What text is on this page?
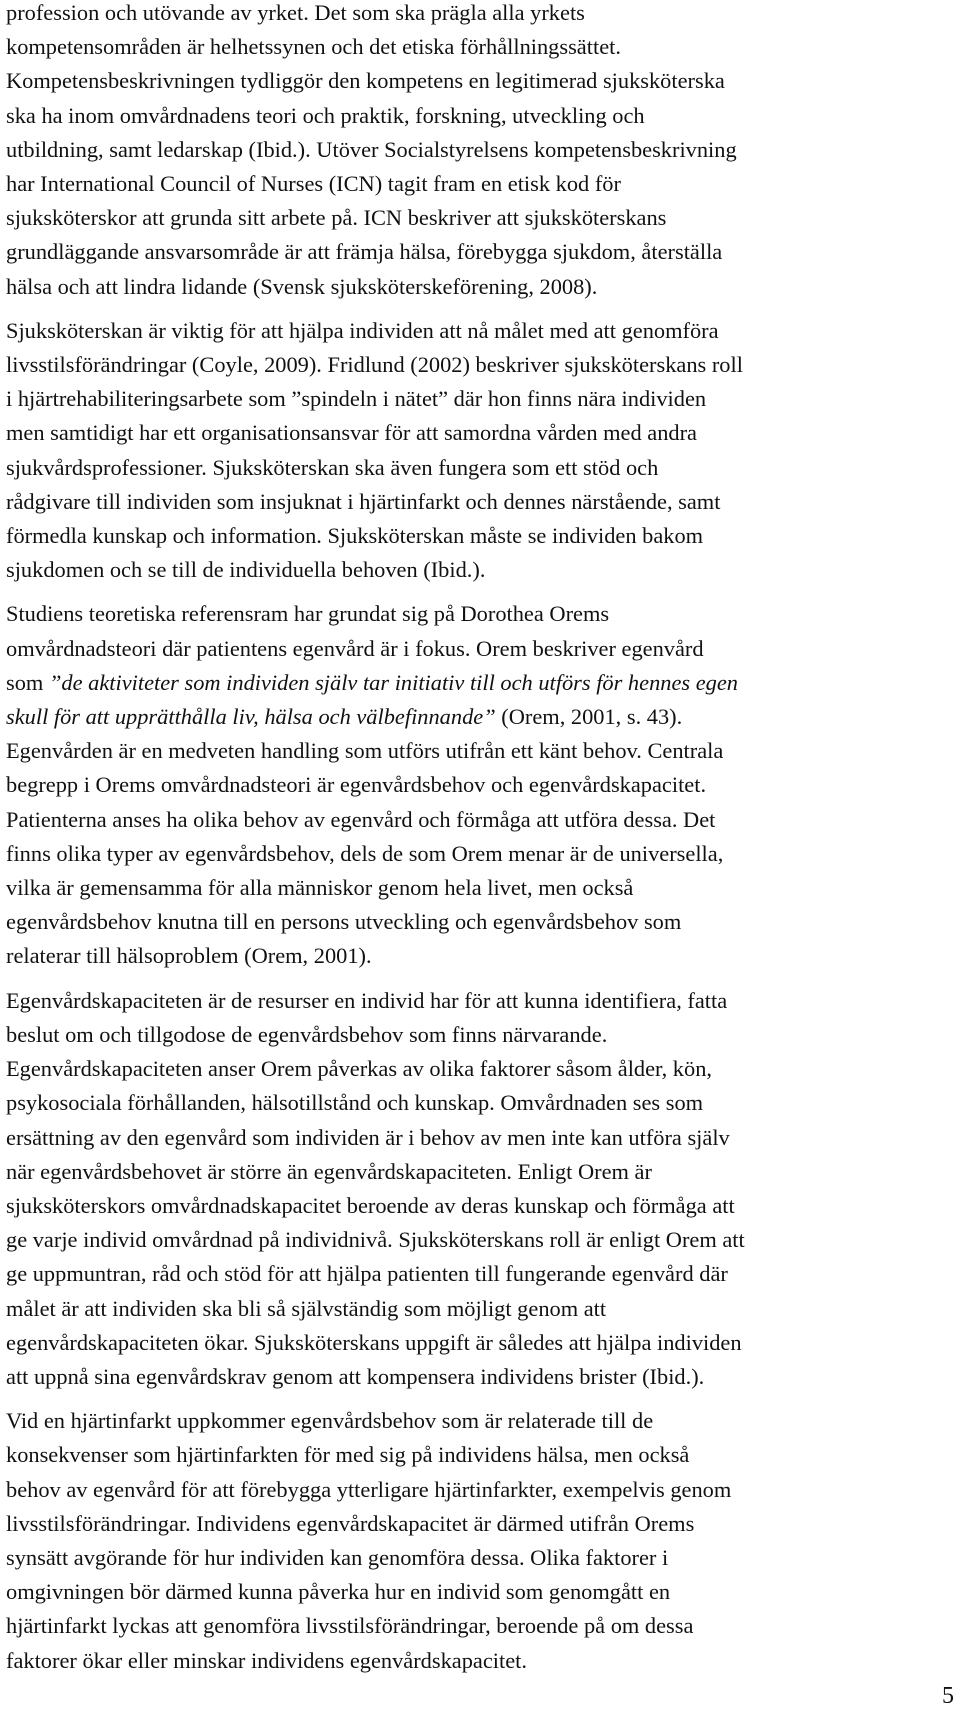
profession och utövande av yrket. Det som ska prägla alla yrkets
kompetensområden är helhetssynen och det etiska förhållningssättet.
Kompetensbeskrivningen tydliggör den kompetens en legitimerad sjuksköterska
ska ha inom omvårdnadens teori och praktik, forskning, utveckling och
utbildning, samt ledarskap (Ibid.). Utöver Socialstyrelsens kompetensbeskrivning
har International Council of Nurses (ICN) tagit fram en etisk kod för
sjuksköterskor att grunda sitt arbete på. ICN beskriver att sjuksköterskans
grundläggande ansvarsområde är att främja hälsa, förebygga sjukdom, återställa
hälsa och att lindra lidande (Svensk sjuksköterskeförening, 2008).

Sjuksköterskan är viktig för att hjälpa individen att nå målet med att genomföra
livsstilsförändringar (Coyle, 2009). Fridlund (2002) beskriver sjuksköterskans roll
i hjärtrehabiliteringsarbete som ”spindeln i nätet” där hon finns nära individen
men samtidigt har ett organisationsansvar för att samordna vården med andra
sjukvårdsprofessioner. Sjuksköterskan ska även fungera som ett stöd och
rådgivare till individen som insjuknat i hjärtinfarkt och dennes närstående, samt
förmedla kunskap och information. Sjuksköterskan måste se individen bakom
sjukdomen och se till de individuella behoven (Ibid.).

Studiens teoretiska referensram har grundat sig på Dorothea Orems
omvårdnadsteori där patientens egenvård är i fokus. Orem beskriver egenvård
som ”de aktiviteter som individen själv tar initiativ till och utförs för hennes egen
skull för att upprätthålla liv, hälsa och välbefinnande” (Orem, 2001, s. 43).
Egenvården är en medveten handling som utförs utifrån ett känt behov. Centrala
begrepp i Orems omvårdnadsteori är egenvårdsbehov och egenvårdskapacitet.
Patienterna anses ha olika behov av egenvård och förmåga att utföra dessa. Det
finns olika typer av egenvårdsbehov, dels de som Orem menar är de universella,
vilka är gemensamma för alla människor genom hela livet, men också
egenvårdsbehov knutna till en persons utveckling och egenvårdsbehov som
relaterar till hälsoproblem (Orem, 2001).

Egenvårdskapaciteten är de resurser en individ har för att kunna identifiera, fatta
beslut om och tillgodose de egenvårdsbehov som finns närvarande.
Egenvårdskapaciteten anser Orem påverkas av olika faktorer såsom ålder, kön,
psykosociala förhållanden, hälsotillstånd och kunskap. Omvårdnaden ses som
ersättning av den egenvård som individen är i behov av men inte kan utföra själv
när egenvårdsbehovet är större än egenvårdskapaciteten. Enligt Orem är
sjuksköterskors omvårdnadskapacitet beroende av deras kunskap och förmåga att
ge varje individ omvårdnad på individnivå. Sjuksköterskans roll är enligt Orem att
ge uppmuntran, råd och stöd för att hjälpa patienten till fungerande egenvård där
målet är att individen ska bli så självständig som möjligt genom att
egenvårdskapaciteten ökar. Sjuksköterskans uppgift är således att hjälpa individen
att uppnå sina egenvårdskrav genom att kompensera individens brister (Ibid.).

Vid en hjärtinfarkt uppkommer egenvårdsbehov som är relaterade till de
konsekvenser som hjärtinfarkten för med sig på individens hälsa, men också
behov av egenvård för att förebygga ytterligare hjärtinfarkter, exempelvis genom
livsstilsförändringar. Individens egenvårdskapacitet är därmed utifrån Orems
synsätt avgörande för hur individen kan genomföra dessa. Olika faktorer i
omgivningen bör därmed kunna påverka hur en individ som genomgått en
hjärtinfarkt lyckas att genomföra livsstilsförändringar, beroende på om dessa
faktorer ökar eller minskar individens egenvårdskapacitet.

5
